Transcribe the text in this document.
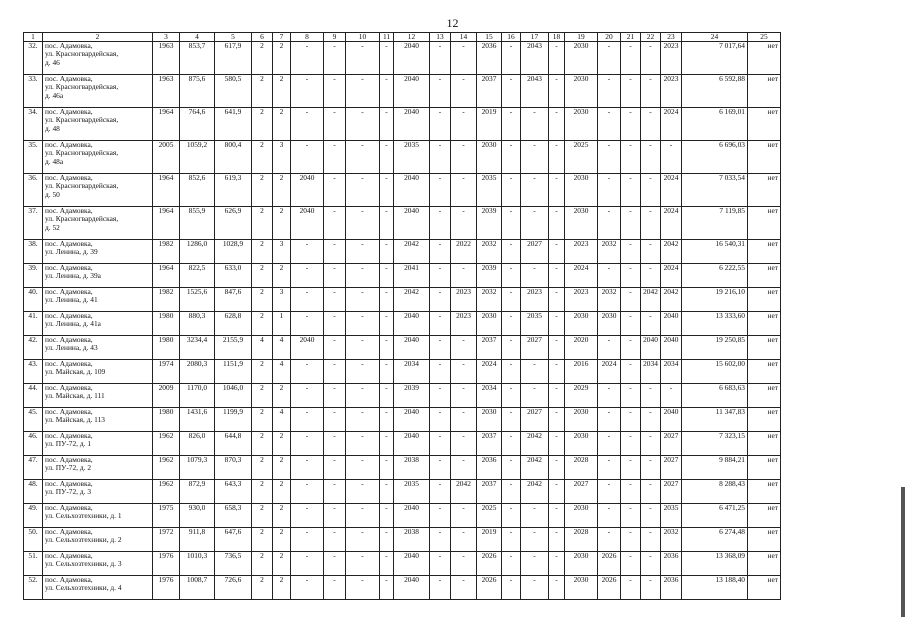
12
1	2	3	4	5	6	7	8	9	10	11	12	13	14	15	16	17	18	19	20	21	22	23	24	25
32.	пос. Адамовка,
ул. Красногвардейская,
д. 46	1963	853,7	617,9	2	2	-	-	-	-	2040	-	-	2036	-	2043	-	2030	-	-	-	2023	7 017,64	нет
33.	пос. Адамовка,
ул. Красногвардейская,
д. 46а	1963	875,6	580,5	2	2	-	-	-	-	2040	-	-	2037	-	2043	-	2030	-	-	-	2023	6 592,88	нет
34.	пос. Адамовка,
ул. Красногвардейская,
д. 48	1964	764,6	641,9	2	2	-	-	-	-	2040	-	-	2019	-	-	-	2030	-	-	-	2024	6 169,01	нет
35.	пос. Адамовка,
ул. Красногвардейская,
д. 48а	2005	1059,2	800,4	2	3	-	-	-	-	2035	-	-	2030	-	-	-	2025	-	-	-	-	6 696,03	нет
36.	пос. Адамовка,
ул. Красногвардейская,
д. 50	1964	852,6	619,3	2	2	2040	-	-	-	2040	-	-	2035	-	-	-	2030	-	-	-	2024	7 033,54	нет
37.	пос. Адамовка,
ул. Красногвардейская,
д. 52	1964	855,9	626,9	2	2	2040	-	-	-	2040	-	-	2039	-	-	-	2030	-	-	-	2024	7 119,85	нет
38.	пос. Адамовка,
ул. Ленина, д. 39	1982	1286,0	1028,9	2	3	-	-	-	-	2042	-	2022	2032	-	2027	-	2023	2032	-	-	2042	16 540,31	нет
39.	пос. Адамовка,
ул. Ленина, д. 39а	1964	822,5	633,0	2	2	-	-	-	-	2041	-	-	2039	-	-	-	2024	-	-	-	2024	6 222,55	нет
40.	пос. Адамовка,
ул. Ленина, д. 41	1982	1525,6	847,6	2	3	-	-	-	-	2042	-	2023	2032	-	2023	-	2023	2032	-	2042	2042	19 216,10	нет
41.	пос. Адамовка,
ул. Ленина, д. 41а	1980	880,3	628,8	2	1	-	-	-	-	2040	-	2023	2030	-	2035	-	2030	2030	-	-	2040	13 333,60	нет
42.	пос. Адамовка,
ул. Ленина, д. 43	1980	3234,4	2155,9	4	4	2040	-	-	-	2040	-	-	2037	-	2027	-	2020	-	-	2040	2040	19 250,85	нет
43.	пос. Адамовка,
ул. Майская, д. 109	1974	2080,3	1151,9	2	4	-	-	-	-	2034	-	-	2024	-	-	-	2016	2024	-	2034	2034	15 602,00	нет
44.	пос. Адамовка,
ул. Майская, д. 111	2009	1170,0	1046,0	2	2	-	-	-	-	2039	-	-	2034	-	-	-	2029	-	-	-	-	6 683,63	нет
45.	пос. Адамовка,
ул. Майская, д. 113	1980	1431,6	1199,9	2	4	-	-	-	-	2040	-	-	2030	-	2027	-	2030	-	-	-	2040	11 347,83	нет
46.	пос. Адамовка,
ул. ПУ-72, д. 1	1962	826,0	644,8	2	2	-	-	-	-	2040	-	-	2037	-	2042	-	2030	-	-	-	2027	7 323,15	нет
47.	пос. Адамовка,
ул. ПУ-72, д. 2	1962	1079,3	870,3	2	2	-	-	-	-	2038	-	-	2036	-	2042	-	2028	-	-	-	2027	9 884,21	нет
48.	пос. Адамовка,
ул. ПУ-72, д. 3	1962	872,9	643,3	2	2	-	-	-	-	2035	-	2042	2037	-	2042	-	2027	-	-	-	2027	8 288,43	нет
49.	пос. Адамовка,
ул. Сельхозтехники, д. 1	1975	930,0	658,3	2	2	-	-	-	-	2040	-	-	2025	-	-	-	2030	-	-	-	2035	6 471,25	нет
50.	пос. Адамовка,
ул. Сельхозтехники, д. 2	1972	911,8	647,6	2	2	-	-	-	-	2038	-	-	2019	-	-	-	2028	-	-	-	2032	6 274,48	нет
51.	пос. Адамовка,
ул. Сельхозтехники, д. 3	1976	1010,3	736,5	2	2	-	-	-	-	2040	-	-	2026	-	-	-	2030	2026	-	-	2036	13 368,09	нет
52.	пос. Адамовка,
ул. Сельхозтехники, д. 4	1976	1008,7	726,6	2	2	-	-	-	-	2040	-	-	2026	-	-	-	2030	2026	-	-	2036	13 188,40	нет
